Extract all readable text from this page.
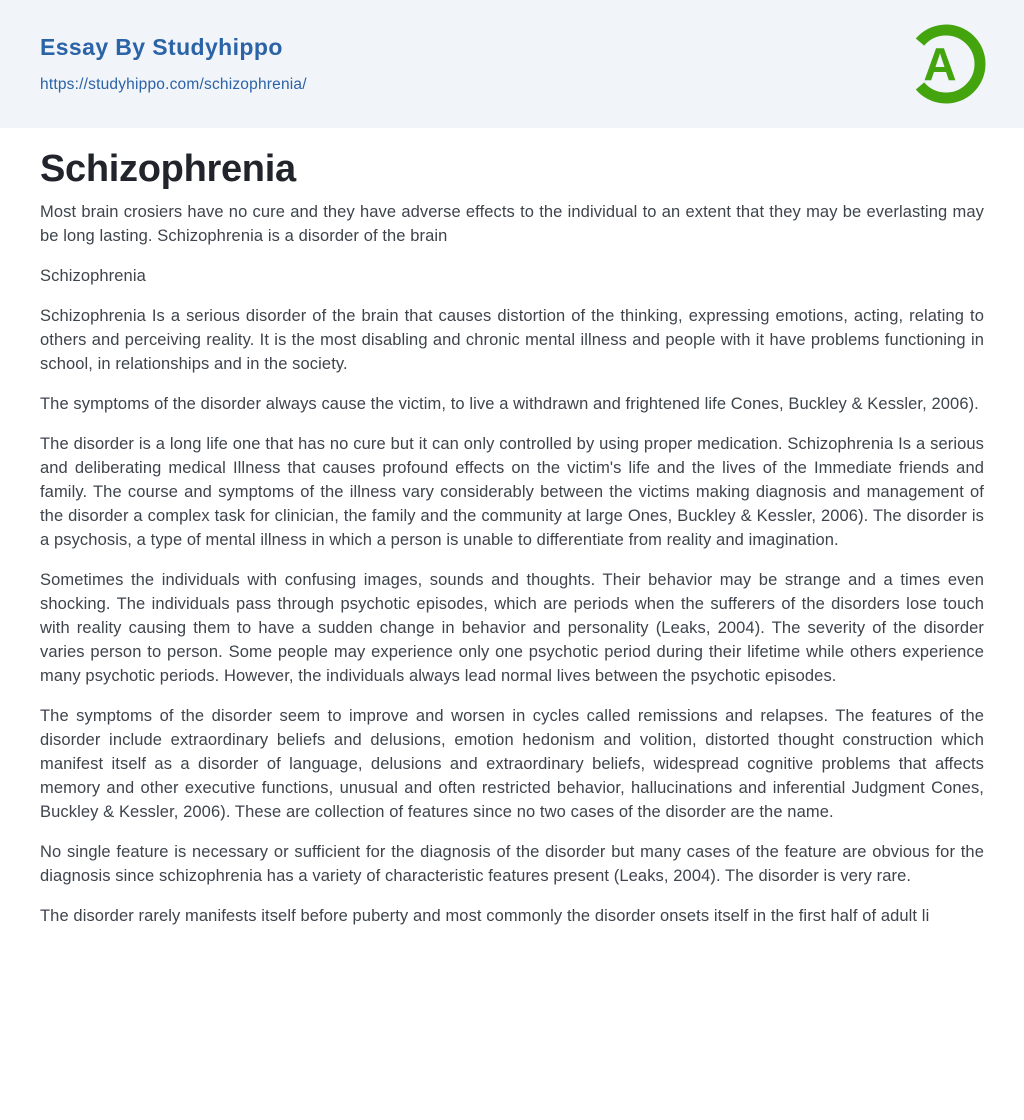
Essay By Studyhippo
https://studyhippo.com/schizophrenia/	A
Schizophrenia

Most brain crosiers have no cure and they have adverse effects to the individual to an extent that they may be everlasting may be long lasting. Schizophrenia is a disorder of the brain

Schizophrenia

Schizophrenia Is a serious disorder of the brain that causes distortion of the thinking, expressing emotions, acting, relating to others and perceiving reality. It is the most disabling and chronic mental illness and people with it have problems functioning in school, in relationships and in the society.

The symptoms of the disorder always cause the victim, to live a withdrawn and frightened life Cones, Buckley & Kessler, 2006).

The disorder is a long life one that has no cure but it can only controlled by using proper medication. Schizophrenia Is a serious and deliberating medical Illness that causes profound effects on the victim's life and the lives of the Immediate friends and family. The course and symptoms of the illness vary considerably between the victims making diagnosis and management of the disorder a complex task for clinician, the family and the community at large Ones, Buckley & Kessler, 2006). The disorder is a psychosis, a type of mental illness in which a person is unable to differentiate from reality and imagination.

Sometimes the individuals with confusing images, sounds and thoughts. Their behavior may be strange and a times even shocking. The individuals pass through psychotic episodes, which are periods when the sufferers of the disorders lose touch with reality causing them to have a sudden change in behavior and personality (Leaks, 2004). The severity of the disorder varies person to person. Some people may experience only one psychotic period during their lifetime while others experience many psychotic periods. However, the individuals always lead normal lives between the psychotic episodes.

The symptoms of the disorder seem to improve and worsen in cycles called remissions and relapses. The features of the disorder include extraordinary beliefs and delusions, emotion hedonism and volition, distorted thought construction which manifest itself as a disorder of language, delusions and extraordinary beliefs, widespread cognitive problems that affects memory and other executive functions, unusual and often restricted behavior, hallucinations and inferential Judgment Cones, Buckley & Kessler, 2006). These are collection of features since no two cases of the disorder are the name.

No single feature is necessary or sufficient for the diagnosis of the disorder but many cases of the feature are obvious for the diagnosis since schizophrenia has a variety of characteristic features present (Leaks, 2004). The disorder is very rare.

The disorder rarely manifests itself before puberty and most commonly the disorder onsets itself in the first half of adult li
